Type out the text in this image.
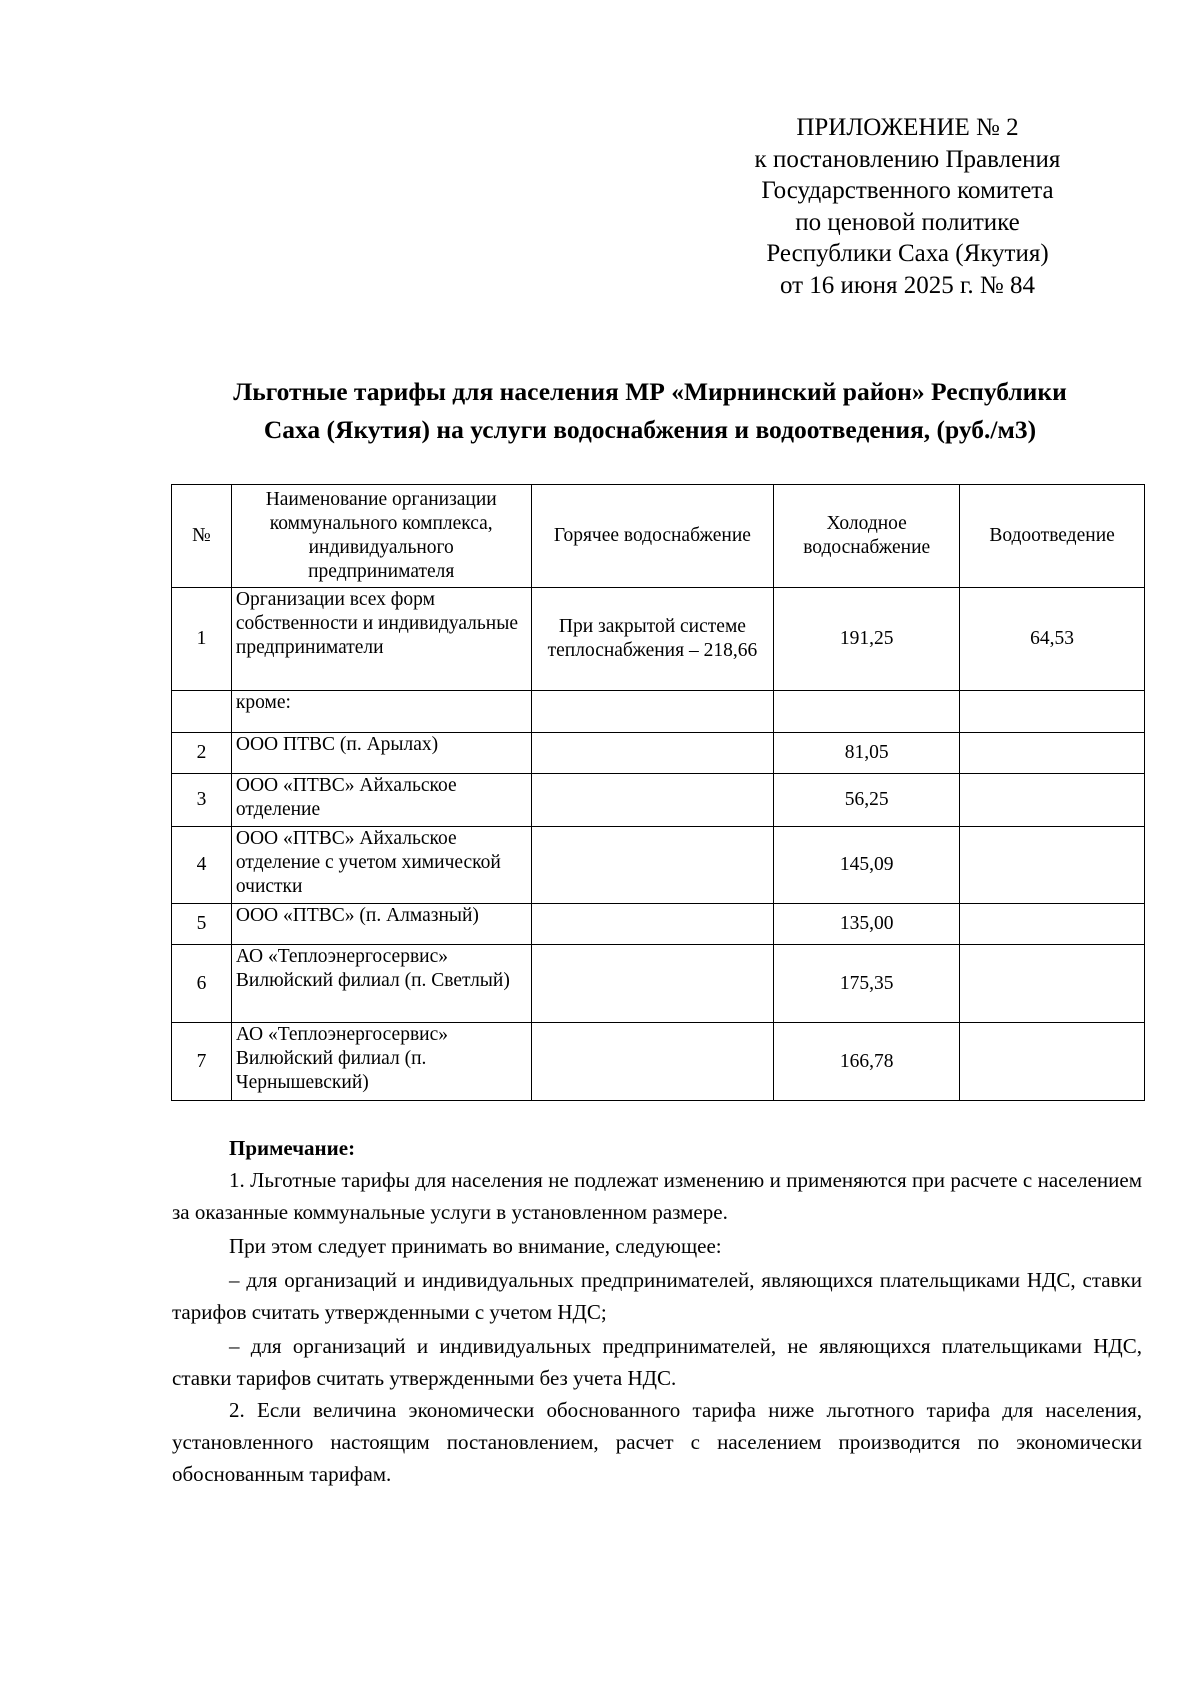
ПРИЛОЖЕНИЕ № 2
к постановлению Правления
Государственного комитета
по ценовой политике
Республики Саха (Якутия)
от 16 июня 2025 г. № 84
Льготные тарифы для населения МР «Мирнинский район» Республики
Саха (Якутия) на услуги водоснабжения и водоотведения, (руб./м3)
№	Наименование организации коммунального комплекса, индивидуального предпринимателя	Горячее водоснабжение	Холодное водоснабжение	Водоотведение
1	Организации всех форм собственности и индивидуальные предприниматели	При закрытой системе теплоснабжения – 218,66	191,25	64,53
	кроме:			
2	ООО ПТВС (п. Арылах)		81,05	
3	ООО «ПТВС» Айхальское отделение		56,25	
4	ООО «ПТВС» Айхальское отделение с учетом химической очистки		145,09	
5	ООО «ПТВС» (п. Алмазный)		135,00	
6	АО «Теплоэнергосервис» Вилюйский филиал (п. Светлый)		175,35	
7	АО «Теплоэнергосервис» Вилюйский филиал (п. Чернышевский)		166,78	

Примечание:

1. Льготные тарифы для населения не подлежат изменению и применяются при расчете с населением за оказанные коммунальные услуги в установленном размере.

При этом следует принимать во внимание, следующее:

– для организаций и индивидуальных предпринимателей, являющихся плательщиками НДС, ставки тарифов считать утвержденными с учетом НДС;

– для организаций и индивидуальных предпринимателей, не являющихся плательщиками НДС, ставки тарифов считать утвержденными без учета НДС.

2. Если величина экономически обоснованного тарифа ниже льготного тарифа для населения, установленного настоящим постановлением, расчет с населением производится по экономически обоснованным тарифам.
